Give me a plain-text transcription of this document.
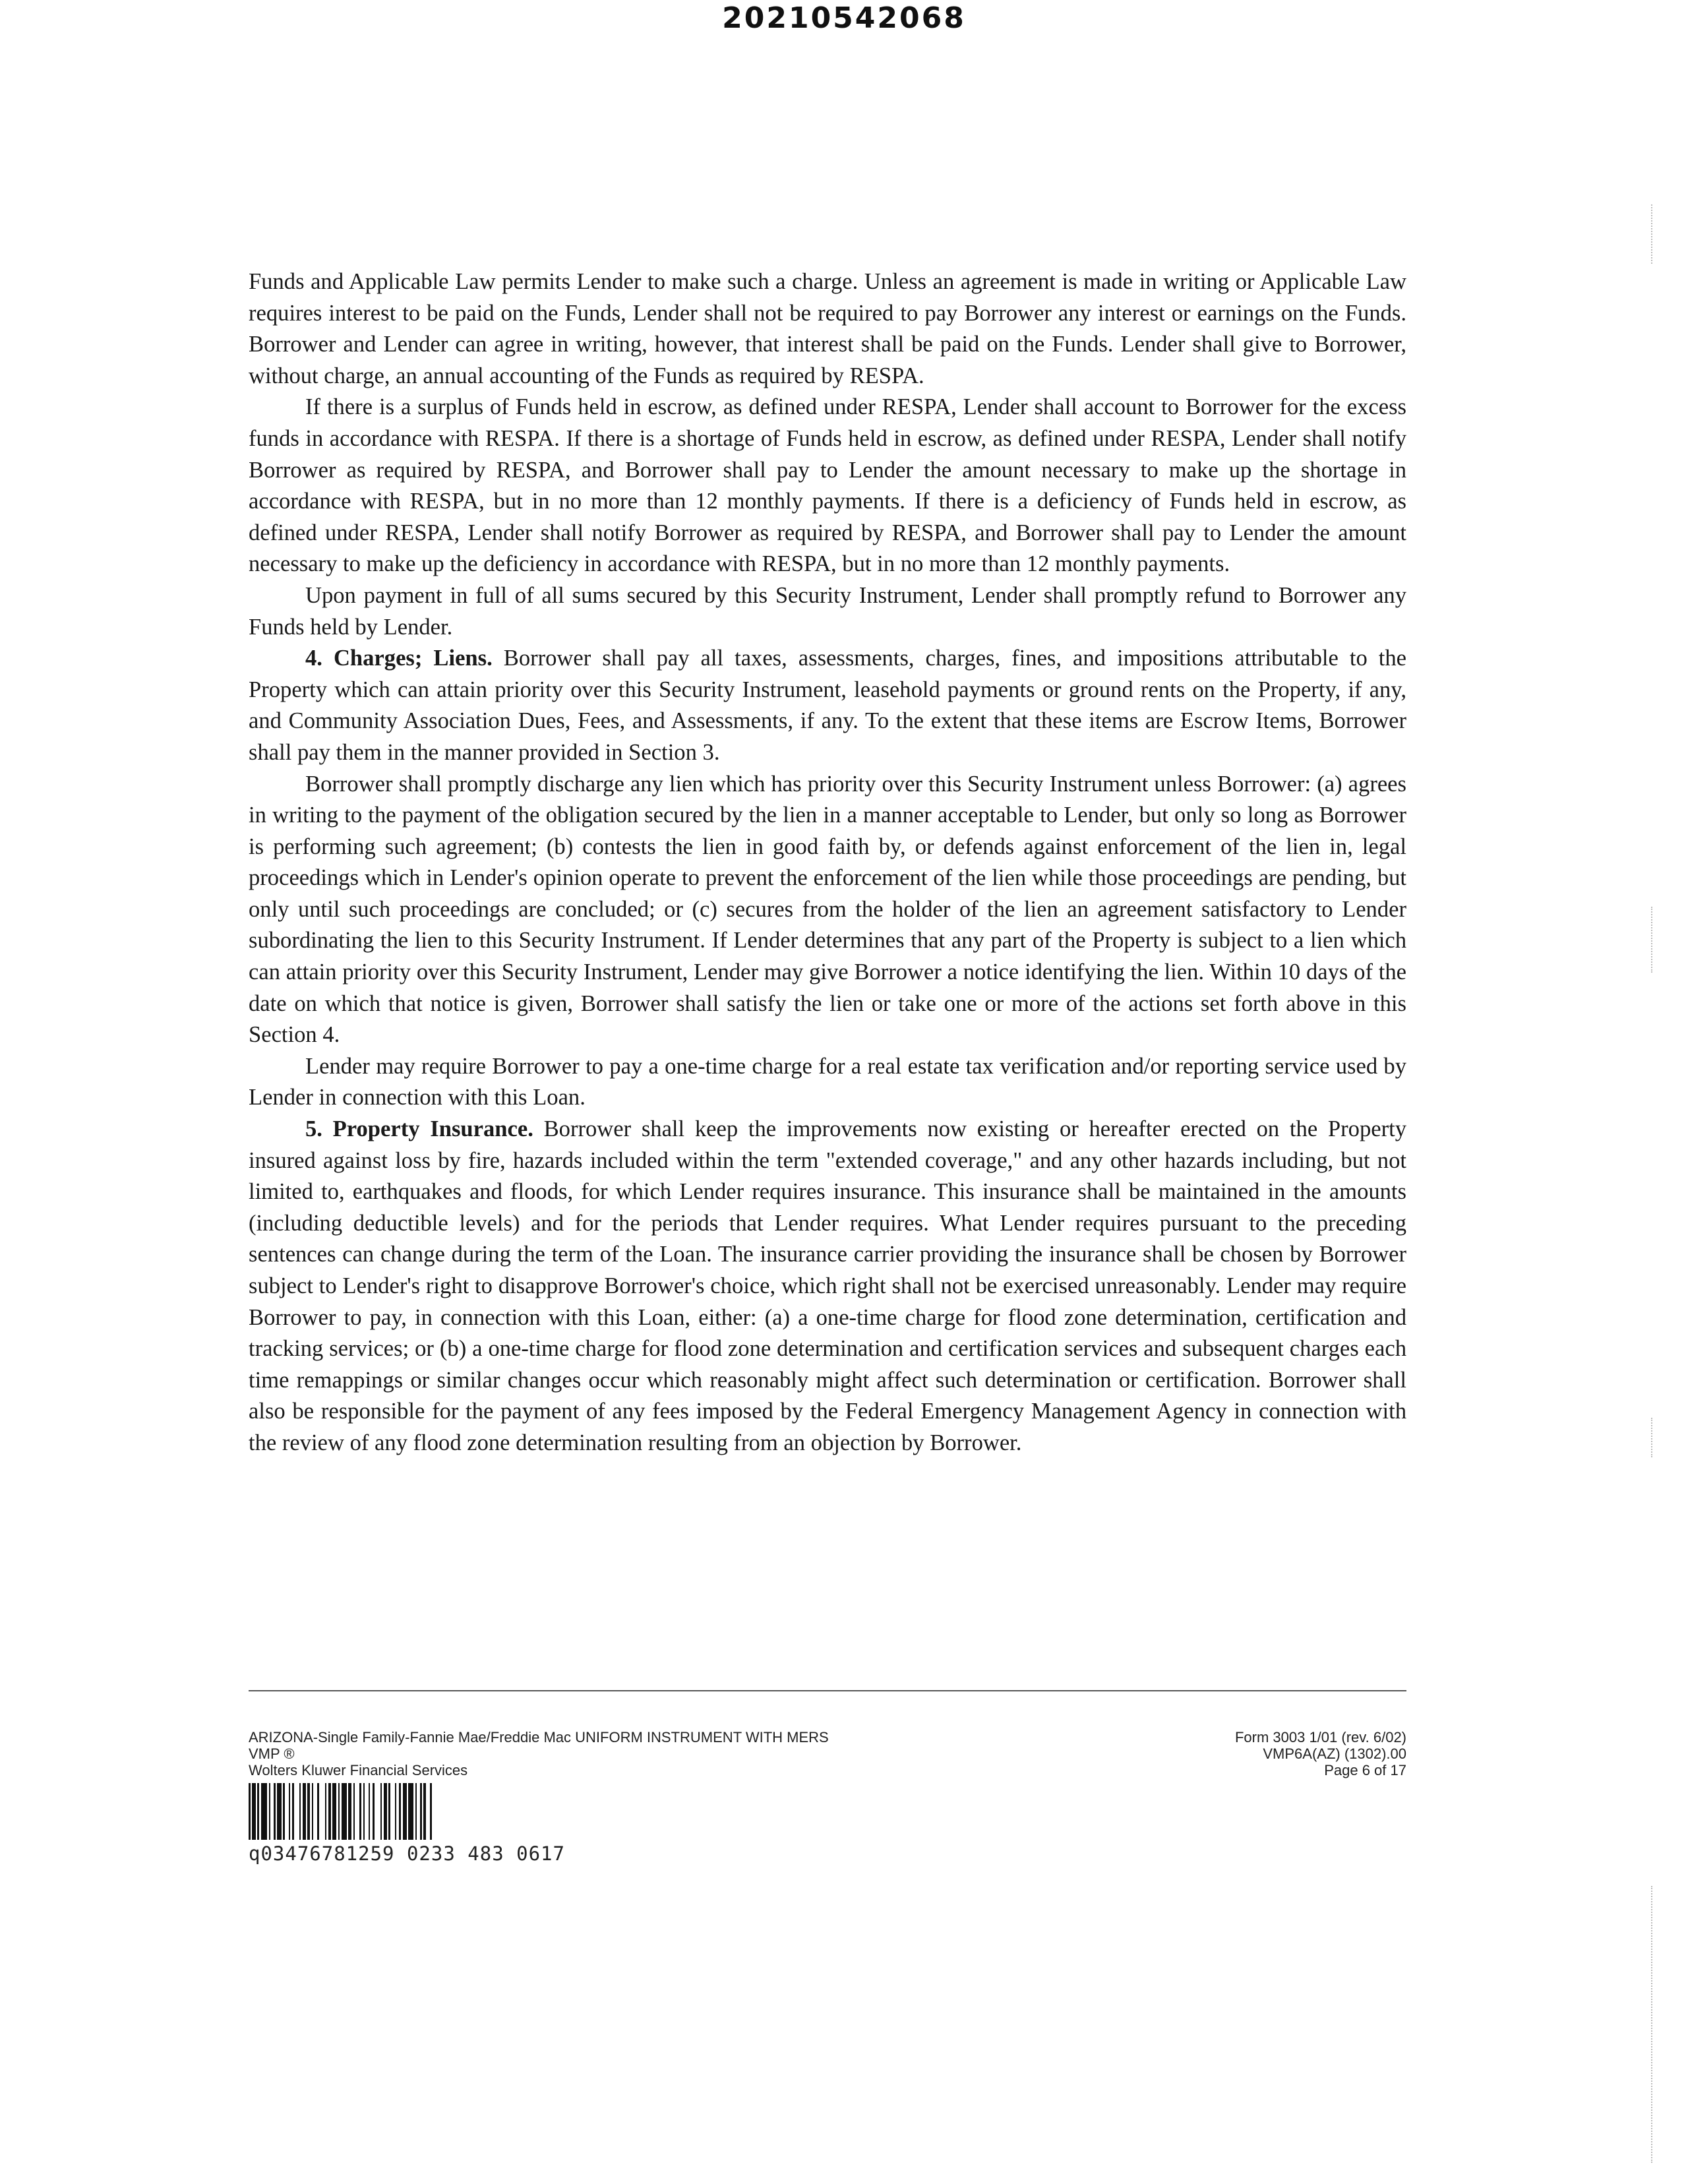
20210542068

Funds and Applicable Law permits Lender to make such a charge. Unless an agreement is made in writing or Applicable Law requires interest to be paid on the Funds, Lender shall not be required to pay Borrower any interest or earnings on the Funds. Borrower and Lender can agree in writing, however, that interest shall be paid on the Funds. Lender shall give to Borrower, without charge, an annual accounting of the Funds as required by RESPA.

If there is a surplus of Funds held in escrow, as defined under RESPA, Lender shall account to Borrower for the excess funds in accordance with RESPA. If there is a shortage of Funds held in escrow, as defined under RESPA, Lender shall notify Borrower as required by RESPA, and Borrower shall pay to Lender the amount necessary to make up the shortage in accordance with RESPA, but in no more than 12 monthly payments. If there is a deficiency of Funds held in escrow, as defined under RESPA, Lender shall notify Borrower as required by RESPA, and Borrower shall pay to Lender the amount necessary to make up the deficiency in accordance with RESPA, but in no more than 12 monthly payments.

Upon payment in full of all sums secured by this Security Instrument, Lender shall promptly refund to Borrower any Funds held by Lender.

4. Charges; Liens. Borrower shall pay all taxes, assessments, charges, fines, and impositions attributable to the Property which can attain priority over this Security Instrument, leasehold payments or ground rents on the Property, if any, and Community Association Dues, Fees, and Assessments, if any. To the extent that these items are Escrow Items, Borrower shall pay them in the manner provided in Section 3.

Borrower shall promptly discharge any lien which has priority over this Security Instrument unless Borrower: (a) agrees in writing to the payment of the obligation secured by the lien in a manner acceptable to Lender, but only so long as Borrower is performing such agreement; (b) contests the lien in good faith by, or defends against enforcement of the lien in, legal proceedings which in Lender's opinion operate to prevent the enforcement of the lien while those proceedings are pending, but only until such proceedings are concluded; or (c) secures from the holder of the lien an agreement satisfactory to Lender subordinating the lien to this Security Instrument. If Lender determines that any part of the Property is subject to a lien which can attain priority over this Security Instrument, Lender may give Borrower a notice identifying the lien. Within 10 days of the date on which that notice is given, Borrower shall satisfy the lien or take one or more of the actions set forth above in this Section 4.

Lender may require Borrower to pay a one-time charge for a real estate tax verification and/or reporting service used by Lender in connection with this Loan.

5. Property Insurance. Borrower shall keep the improvements now existing or hereafter erected on the Property insured against loss by fire, hazards included within the term "extended coverage," and any other hazards including, but not limited to, earthquakes and floods, for which Lender requires insurance. This insurance shall be maintained in the amounts (including deductible levels) and for the periods that Lender requires. What Lender requires pursuant to the preceding sentences can change during the term of the Loan. The insurance carrier providing the insurance shall be chosen by Borrower subject to Lender's right to disapprove Borrower's choice, which right shall not be exercised unreasonably. Lender may require Borrower to pay, in connection with this Loan, either: (a) a one-time charge for flood zone determination, certification and tracking services; or (b) a one-time charge for flood zone determination and certification services and subsequent charges each time remappings or similar changes occur which reasonably might affect such determination or certification. Borrower shall also be responsible for the payment of any fees imposed by the Federal Emergency Management Agency in connection with the review of any flood zone determination resulting from an objection by Borrower.

ARIZONA-Single Family-Fannie Mae/Freddie Mac UNIFORM INSTRUMENT WITH MERS
VMP ®
Wolters Kluwer Financial Services
Form 3003 1/01 (rev. 6/02)
VMP6A(AZ) (1302).00
Page 6 of 17
q03476781259 0233 483 0617
